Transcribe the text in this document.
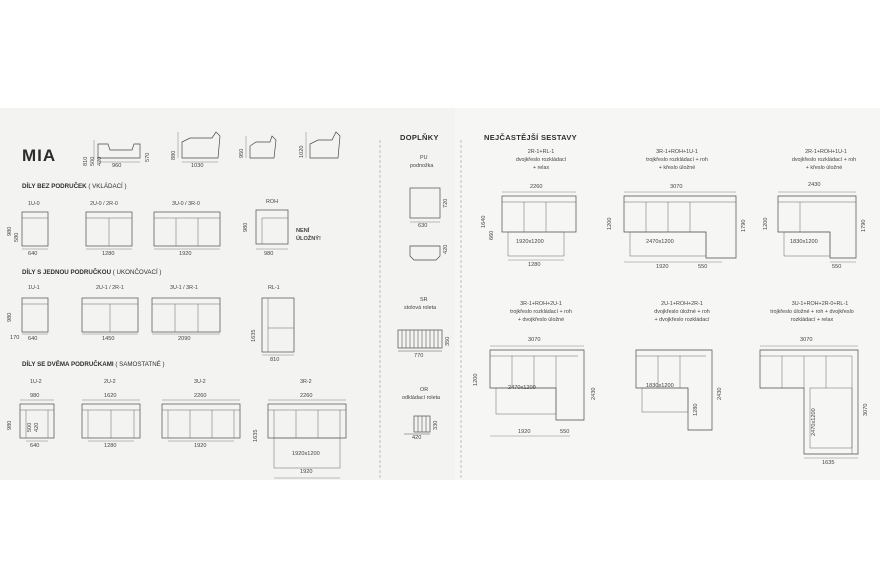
MIA	810 500 420 960
570	880
1030
950	1020
DÍLY BEZ PODRUČEK ( VKLÁDACÍ )
DÍLY S JEDNOU PODRUČKOU ( UKONČOVACÍ )
DÍLY SE DVĚMA PODRUČKAMI ( SAMOSTATNÉ )
1U-0
640
980
580
2U-0 / 2R-0
1280
3U-0 / 3R-0
1920
ROH
980
980	NENÍ
ÚLOŽNÝ!
1U-1
640
980
170
2U-1 / 2R-1
1450
3U-1 / 3R-1
2090
RL-1
810
1635
1U-2
980
640
980	500 420
2U-2
1620
1280
3U-2
2260
1920
3R-2
2260
1635
1920x1200
1920
DOPLŇKY
PU
podnožka
630
720
420
SR
stolová roleta
770
350
OR
odkládací roleta
420
330
NEJČASTĚJŠÍ SESTAVY
2R-1+RL-1
dvojkřeslo rozkládací
+ relax
2260
1640
660
1920x1200
1280
3R-1+ROH+1U-1
trojkřeslo rozkládací + roh
+ křeslo úložné
3070
1200	1790
2470x1200
1920	550
2R-1+ROH+1U-1
dvojkřeslo rozkládací + roh
+ křeslo úložné
2430
1200	1790
1830x1200
550
3R-1+ROH+2U-1
trojkřeslo rozkládací + roh
+ dvojkřeslo úložné
3070
1200
2430
2470x1200
1920	550
2U-1+ROH+2R-1
dvojkřeslo úložné + roh
+ dvojkřeslo rozkládací
1280
2430
1830x1200
3U-1+ROH+2R-0+RL-1
trojkřeslo úložné + roh + dvojkřeslo
rozkládací + relax
3070
3070
2470x1200
1635
